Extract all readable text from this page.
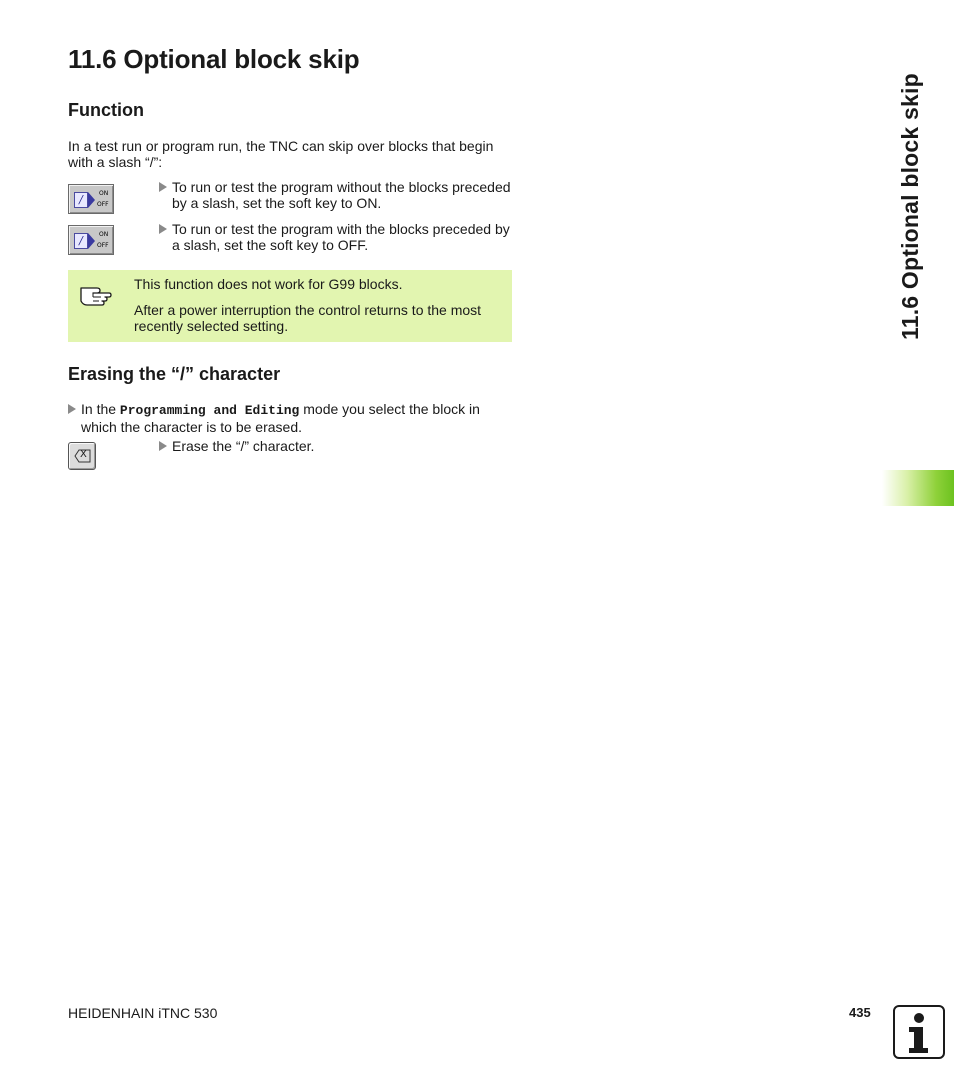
11.6 Optional block skip
Function

In a test run or program run, the TNC can skip over blocks that begin with a slash “/”:

/	ON
OFF
To run or test the program without the blocks preceded by a slash, set the soft key to ON.
/	ON
OFF
To run or test the program with the blocks preceded by a slash, set the soft key to OFF.
This function does not work for G99 blocks.
After a power interruption the control returns to the most recently selected setting.
Erasing the “/” character
In the Programming and Editing mode you select the block in which the character is to be erased.
X
Erase the “/” character.
11.6 Optional block skip
HEIDENHAIN iTNC 530	435
